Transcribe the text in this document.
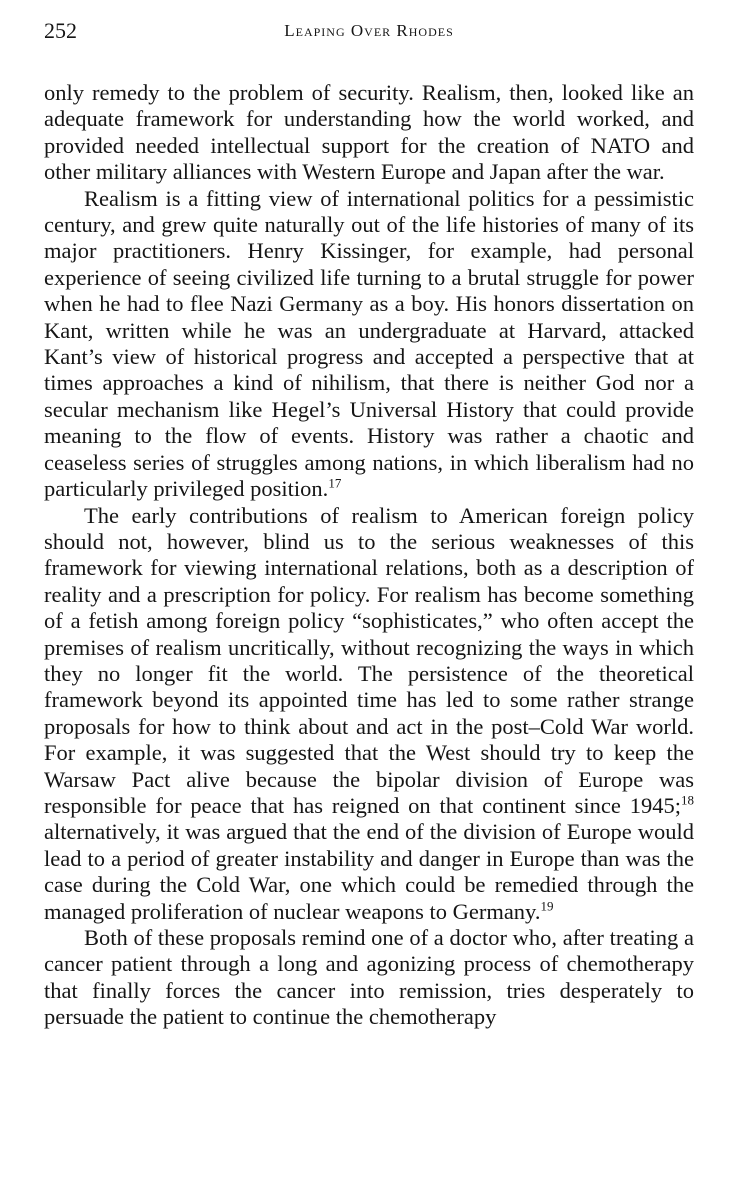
252	Leaping Over Rhodes

only remedy to the problem of security. Realism, then, looked like an adequate framework for understanding how the world worked, and provided needed intellectual support for the creation of NATO and other military alliances with Western Europe and Japan after the war.

Realism is a fitting view of international politics for a pessimistic century, and grew quite naturally out of the life histories of many of its major practitioners. Henry Kissinger, for example, had personal experience of seeing civilized life turning to a brutal struggle for power when he had to flee Nazi Germany as a boy. His honors dissertation on Kant, written while he was an undergraduate at Harvard, attacked Kant’s view of historical progress and accepted a perspective that at times approaches a kind of nihilism, that there is neither God nor a secular mechanism like Hegel’s Universal History that could provide meaning to the flow of events. History was rather a chaotic and ceaseless series of struggles among nations, in which liberalism had no particularly privileged position.$^{17}$

The early contributions of realism to American foreign policy should not, however, blind us to the serious weaknesses of this framework for viewing international relations, both as a description of reality and a prescription for policy. For realism has become something of a fetish among foreign policy “sophisticates,” who often accept the premises of realism uncritically, without recognizing the ways in which they no longer fit the world. The persistence of the theoretical framework beyond its appointed time has led to some rather strange proposals for how to think about and act in the post–Cold War world. For example, it was suggested that the West should try to keep the Warsaw Pact alive because the bipolar division of Europe was responsible for peace that has reigned on that continent since 1945;$^{18}$ alternatively, it was argued that the end of the division of Europe would lead to a period of greater instability and danger in Europe than was the case during the Cold War, one which could be remedied through the managed proliferation of nuclear weapons to Germany.$^{19}$

Both of these proposals remind one of a doctor who, after treating a cancer patient through a long and agonizing process of chemotherapy that finally forces the cancer into remission, tries desperately to persuade the patient to continue the chemotherapy
